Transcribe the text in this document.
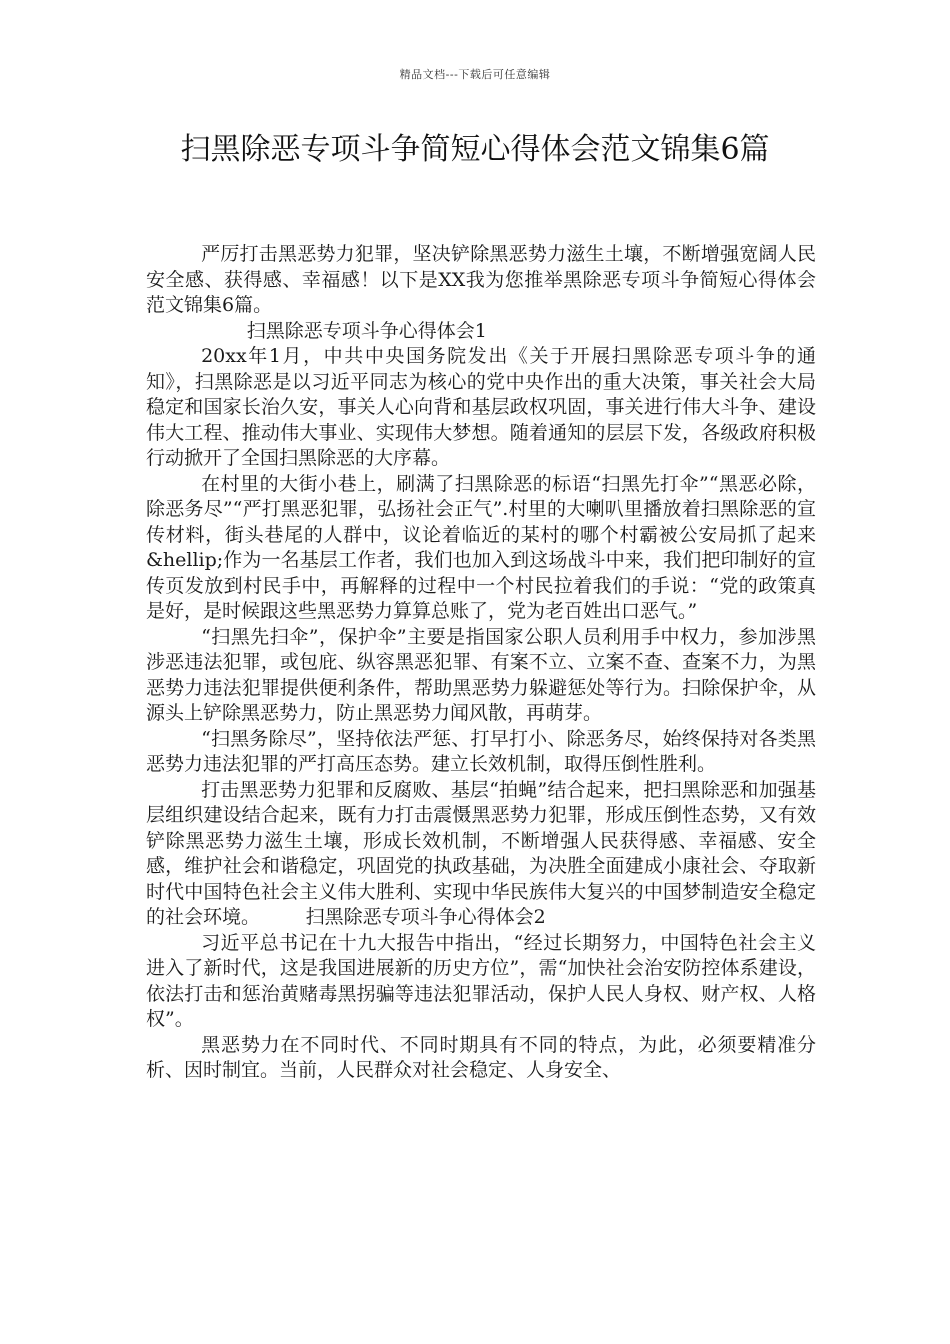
精品文档---下载后可任意编辑
扫黑除恶专项斗争简短心得体会范文锦集6篇

严厉打击黑恶势力犯罪，坚决铲除黑恶势力滋生土壤，不断增强宽阔人民安全感、获得感、幸福感！以下是XX我为您推举黑除恶专项斗争简短心得体会范文锦集6篇。

扫黑除恶专项斗争心得体会1

20xx年1月，中共中央国务院发出《关于开展扫黑除恶专项斗争的通知》，扫黑除恶是以习近平同志为核心的党中央作出的重大决策，事关社会大局稳定和国家长治久安，事关人心向背和基层政权巩固，事关进行伟大斗争、建设伟大工程、推动伟大事业、实现伟大梦想。随着通知的层层下发，各级政府积极行动掀开了全国扫黑除恶的大序幕。

在村里的大街小巷上，刷满了扫黑除恶的标语“扫黑先打伞”“黑恶必除，除恶务尽”“严打黑恶犯罪，弘扬社会正气”.村里的大喇叭里播放着扫黑除恶的宣传材料，街头巷尾的人群中，议论着临近的某村的哪个村霸被公安局抓了起来&hellip;作为一名基层工作者，我们也加入到这场战斗中来，我们把印制好的宣传页发放到村民手中，再解释的过程中一个村民拉着我们的手说：“党的政策真是好，是时候跟这些黑恶势力算算总账了，党为老百姓出口恶气。”

“扫黑先扫伞”，保护伞”主要是指国家公职人员利用手中权力，参加涉黑涉恶违法犯罪，或包庇、纵容黑恶犯罪、有案不立、立案不查、查案不力，为黑恶势力违法犯罪提供便利条件，帮助黑恶势力躲避惩处等行为。扫除保护伞，从源头上铲除黑恶势力，防止黑恶势力闻风散，再萌芽。

“扫黑务除尽”，坚持依法严惩、打早打小、除恶务尽，始终保持对各类黑恶势力违法犯罪的严打高压态势。建立长效机制，取得压倒性胜利。

打击黑恶势力犯罪和反腐败、基层“拍蝇”结合起来，把扫黑除恶和加强基层组织建设结合起来，既有力打击震慑黑恶势力犯罪，形成压倒性态势，又有效铲除黑恶势力滋生土壤，形成长效机制，不断增强人民获得感、幸福感、安全感，维护社会和谐稳定，巩固党的执政基础，为决胜全面建成小康社会、夺取新时代中国特色社会主义伟大胜利、实现中华民族伟大复兴的中国梦制造安全稳定的社会环境。 扫黑除恶专项斗争心得体会2

习近平总书记在十九大报告中指出，“经过长期努力，中国特色社会主义进入了新时代，这是我国进展新的历史方位”，需“加快社会治安防控体系建设，依法打击和惩治黄赌毒黑拐骗等违法犯罪活动，保护人民人身权、财产权、人格权”。

黑恶势力在不同时代、不同时期具有不同的特点，为此，必须要精准分析、因时制宜。当前，人民群众对社会稳定、人身安全、
